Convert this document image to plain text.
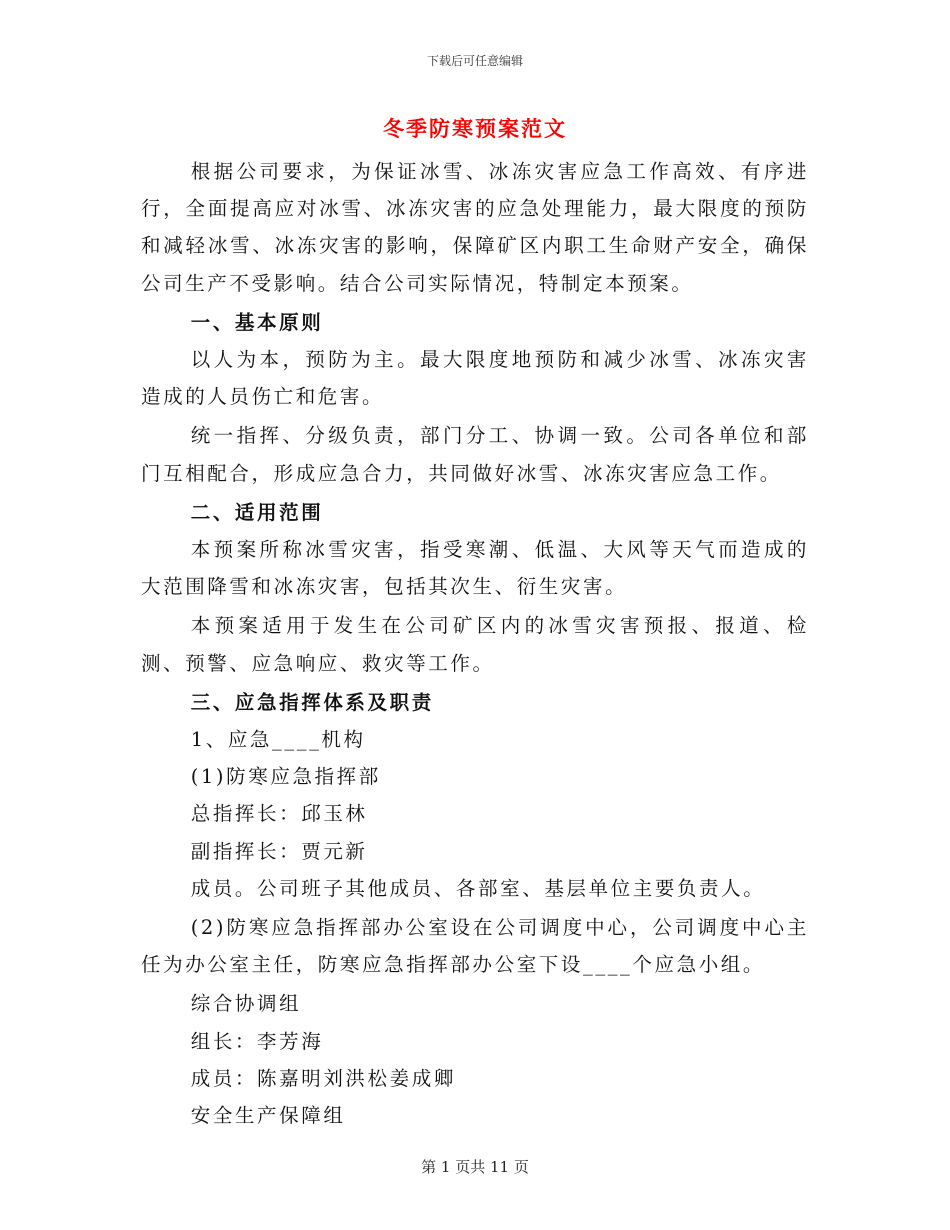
下载后可任意编辑
冬季防寒预案范文

根据公司要求，为保证冰雪、冰冻灾害应急工作高效、有序进行，全面提高应对冰雪、冰冻灾害的应急处理能力，最大限度的预防和减轻冰雪、冰冻灾害的影响，保障矿区内职工生命财产安全，确保公司生产不受影响。结合公司实际情况，特制定本预案。

一、基本原则

以人为本，预防为主。最大限度地预防和减少冰雪、冰冻灾害造成的人员伤亡和危害。

统一指挥、分级负责，部门分工、协调一致。公司各单位和部门互相配合，形成应急合力，共同做好冰雪、冰冻灾害应急工作。

二、适用范围

本预案所称冰雪灾害，指受寒潮、低温、大风等天气而造成的大范围降雪和冰冻灾害，包括其次生、衍生灾害。

本预案适用于发生在公司矿区内的冰雪灾害预报、报道、检测、预警、应急响应、救灾等工作。

三、应急指挥体系及职责

1、应急____机构

(1)防寒应急指挥部

总指挥长：邱玉林

副指挥长：贾元新

成员。公司班子其他成员、各部室、基层单位主要负责人。

(2)防寒应急指挥部办公室设在公司调度中心，公司调度中心主任为办公室主任，防寒应急指挥部办公室下设____个应急小组。

综合协调组

组长：李芳海

成员：陈嘉明刘洪松姜成卿

安全生产保障组

第 1 页共 11 页
